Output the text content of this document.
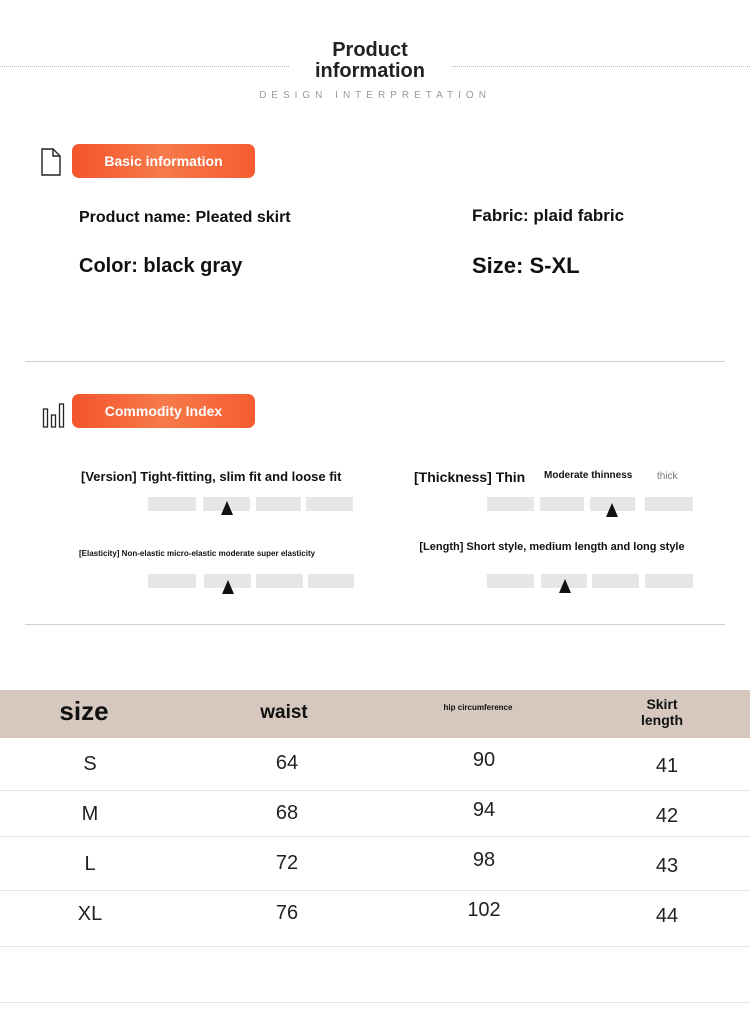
Product information
DESIGN INTERPRETATION
Basic information
Product name: Pleated skirt	Fabric: plaid fabric
Color: black gray	Size: S-XL
Commodity Index
[Version] Tight-fitting, slim fit and loose fit	[Thickness] Thin Moderate thinness thick
[Elasticity] Non-elastic micro-elastic moderate super elasticity
[Length] Short style, medium length and long style
size	waist	hip circumference	Skirt length
S	64	90	41
M	68	94	42
L	72	98	43
XL	76	102	44
